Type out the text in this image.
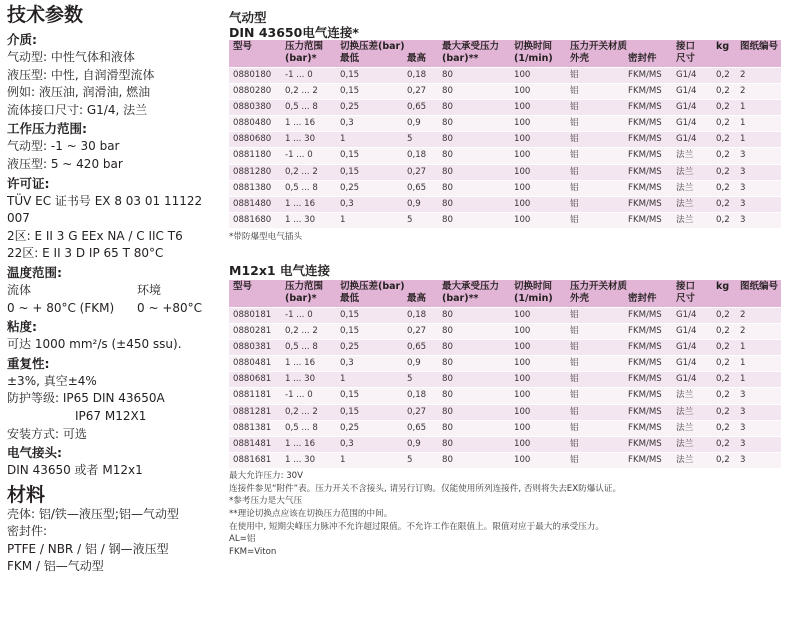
技术参数
介质:
气动型: 中性气体和液体
液压型: 中性, 自润滑型流体
例如: 液压油, 润滑油, 燃油
流体接口尺寸: G1/4, 法兰
工作压力范围:
气动型: -1 ~ 30 bar
液压型: 5 ~ 420 bar
许可证:
TÜV EC 证书号 EX 8 03 01 11122
007
2区: E II 3 G EEx NA / C IIC T6
22区: E II 3 D IP 65 T 80°C
温度范围:
流体	环境
0 ~ + 80°C (FKM)	0 ~ +80°C
粘度:
可达 1000 mm²/s (±450 ssu).
重复性:
±3%, 真空±4%
防护等级: IP65 DIN 43650A
IP67 M12X1
安装方式: 可选
电气接头:
DIN 43650 或者 M12x1
材料
壳体: 铝/铁—液压型;铝—气动型
密封件:
PTFE / NBR / 铝 / 钢—液压型
FKM / 铝—气动型
气动型
DIN 43650电气连接*
型号	压力范围	切换压差(bar)		最大承受压力	切换时间	压力开关材质		接口	kg	图纸编号
	(bar)*	最低	最高	(bar)**	(1/min)	外壳	密封件	尺寸		
0880180	-1 ... 0	0,15	0,18	80	100	铝	FKM/MS	G1/4	0,2	2
0880280	0,2 ... 2	0,15	0,27	80	100	铝	FKM/MS	G1/4	0,2	2
0880380	0,5 ... 8	0,25	0,65	80	100	铝	FKM/MS	G1/4	0,2	1
0880480	1 ... 16	0,3	0,9	80	100	铝	FKM/MS	G1/4	0,2	1
0880680	1 ... 30	1	5	80	100	铝	FKM/MS	G1/4	0,2	1
0881180	-1 ... 0	0,15	0,18	80	100	铝	FKM/MS	法兰	0,2	3
0881280	0,2 ... 2	0,15	0,27	80	100	铝	FKM/MS	法兰	0,2	3
0881380	0,5 ... 8	0,25	0,65	80	100	铝	FKM/MS	法兰	0,2	3
0881480	1 ... 16	0,3	0,9	80	100	铝	FKM/MS	法兰	0,2	3
0881680	1 ... 30	1	5	80	100	铝	FKM/MS	法兰	0,2	3
*带防爆型电气插头
M12x1 电气连接
型号	压力范围	切换压差(bar)		最大承受压力	切换时间	压力开关材质		接口	kg	图纸编号
	(bar)*	最低	最高	(bar)**	(1/min)	外壳	密封件	尺寸		
0880181	-1 ... 0	0,15	0,18	80	100	铝	FKM/MS	G1/4	0,2	2
0880281	0,2 ... 2	0,15	0,27	80	100	铝	FKM/MS	G1/4	0,2	2
0880381	0,5 ... 8	0,25	0,65	80	100	铝	FKM/MS	G1/4	0,2	1
0880481	1 ... 16	0,3	0,9	80	100	铝	FKM/MS	G1/4	0,2	1
0880681	1 ... 30	1	5	80	100	铝	FKM/MS	G1/4	0,2	1
0881181	-1 ... 0	0,15	0,18	80	100	铝	FKM/MS	法兰	0,2	3
0881281	0,2 ... 2	0,15	0,27	80	100	铝	FKM/MS	法兰	0,2	3
0881381	0,5 ... 8	0,25	0,65	80	100	铝	FKM/MS	法兰	0,2	3
0881481	1 ... 16	0,3	0,9	80	100	铝	FKM/MS	法兰	0,2	3
0881681	1 ... 30	1	5	80	100	铝	FKM/MS	法兰	0,2	3
最大允许压力: 30V
连接件参见“附件”表。压力开关不含接头, 请另行订购。仅能使用所列连接件, 否则将失去EX防爆认证。
*参考压力是大气压
**理论切换点应该在切换压力范围的中间。
在使用中, 短期尖峰压力脉冲不允许超过限值。不允许工作在限值上。限值对应于最大的承受压力。
AL=铝
FKM=Viton
